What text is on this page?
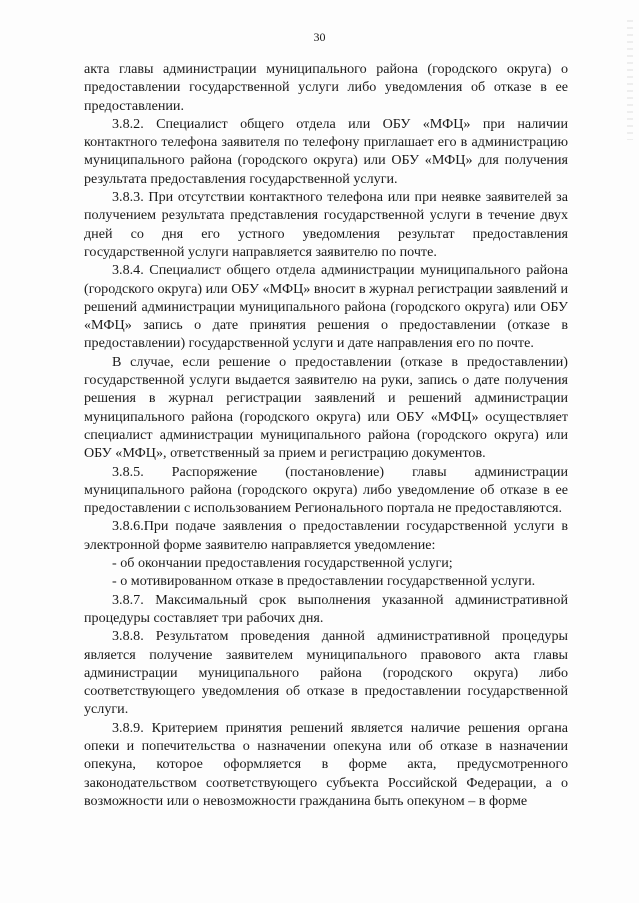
30

акта главы администрации муниципального района (городского округа) о предоставлении государственной услуги либо уведомления об отказе в ее предоставлении.

3.8.2. Специалист общего отдела или ОБУ «МФЦ» при наличии контактного телефона заявителя по телефону приглашает его в администрацию муниципального района (городского округа) или ОБУ «МФЦ» для получения результата предоставления государственной услуги.

3.8.3. При отсутствии контактного телефона или при неявке заявителей за получением результата представления государственной услуги в течение двух дней со дня его устного уведомления результат предоставления государственной услуги направляется заявителю по почте.

3.8.4. Специалист общего отдела администрации муниципального района (городского округа) или ОБУ «МФЦ» вносит в журнал регистрации заявлений и решений администрации муниципального района (городского округа) или ОБУ «МФЦ» запись о дате принятия решения о предоставлении (отказе в предоставлении) государственной услуги и дате направления его по почте.

В случае, если решение о предоставлении (отказе в предоставлении) государственной услуги выдается заявителю на руки, запись о дате получения решения в журнал регистрации заявлений и решений администрации муниципального района (городского округа) или ОБУ «МФЦ» осуществляет специалист администрации муниципального района (городского округа) или ОБУ «МФЦ», ответственный за прием и регистрацию документов.

3.8.5. Распоряжение (постановление) главы администрации муниципального района (городского округа) либо уведомление об отказе в ее предоставлении с использованием Регионального портала не предоставляются.

3.8.6.При подаче заявления о предоставлении государственной услуги в электронной форме заявителю направляется уведомление:

- об окончании предоставления государственной услуги;

- о мотивированном отказе в предоставлении государственной услуги.

3.8.7. Максимальный срок выполнения указанной административной процедуры составляет три рабочих дня.

3.8.8. Результатом проведения данной административной процедуры является получение заявителем муниципального правового акта главы администрации муниципального района (городского округа) либо соответствующего уведомления об отказе в предоставлении государственной услуги.

3.8.9. Критерием принятия решений является наличие решения органа опеки и попечительства о назначении опекуна или об отказе в назначении опекуна, которое оформляется в форме акта, предусмотренного законодательством соответствующего субъекта Российской Федерации, а о возможности или о невозможности гражданина быть опекуном – в форме
